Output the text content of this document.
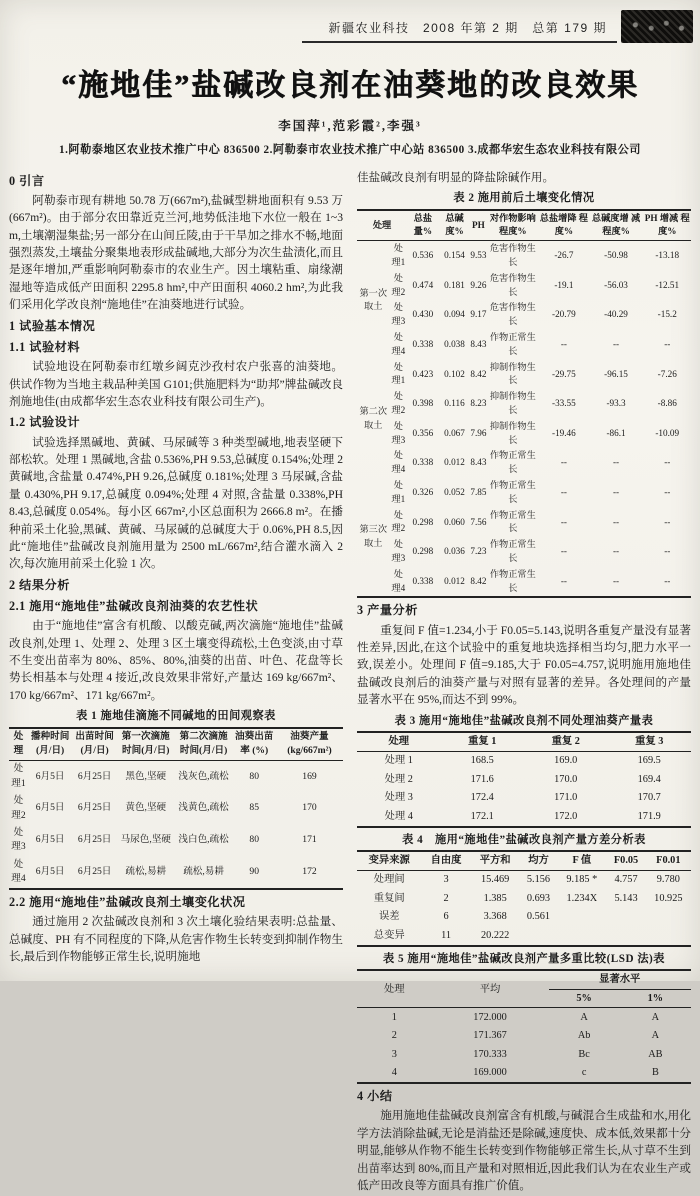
新疆农业科技　2008 年第 2 期　总第 179 期
“施地佳”盐碱改良剂在油葵地的改良效果
李国萍¹,范彩霞²,李强³
1.阿勒泰地区农业技术推广中心 836500 2.阿勒泰市农业技术推广中心站 836500 3.成都华宏生态农业科技有限公司
0 引言

阿勒泰市现有耕地 50.78 万(667m²),盐碱型耕地面积有 9.53 万(667m²)。由于部分农田靠近克兰河,地势低洼地下水位一般在 1~3 m,土壤潮湿集盐;另一部分在山间丘陵,由于干旱加之排水不畅,地面强烈蒸发,土壤盐分聚集地表形成盐碱地,大部分为次生盐渍化,而且是逐年增加,严重影响阿勒泰市的农业生产。因土壤粘重、扇缘潮湿地等造成低产田面积 2295.8 hm²,中产田面积 4060.2 hm²,为此我们采用化学改良剂“施地佳”在油葵地进行试验。

1 试验基本情况
1.1 试验材料

试验地设在阿勒泰市红墩乡阔克沙孜村农户张喜的油葵地。供试作物为当地主栽品种美国 G101;供施肥料为“助邦”牌盐碱改良剂施地佳(由成都华宏生态农业科技有限公司生产)。

1.2 试验设计

试验选择黑碱地、黄碱、马尿碱等 3 种类型碱地,地表坚硬下部松软。处理 1 黑碱地,含盐 0.536%,PH 9.53,总碱度 0.154%;处理 2 黄碱地,含盐量 0.474%,PH 9.26,总碱度 0.181%;处理 3 马尿碱,含盐量 0.430%,PH 9.17,总碱度 0.094%;处理 4 对照,含盐量 0.338%,PH 8.43,总碱度 0.054%。每小区 667m²,小区总面积为 2666.8 m²。在播种前采土化验,黑碱、黄碱、马尿碱的总碱度大于 0.06%,PH 8.5,因此“施地佳”盐碱改良剂施用量为 2500 mL/667m²,结合灌水滴入 2 次,每次施用前采土化验 1 次。

2 结果分析
2.1 施用“施地佳”盐碱改良剂油葵的农艺性状

由于“施地佳”富含有机酸、以酸克碱,两次滴施“施地佳”盐碱改良剂,处理 1、处理 2、处理 3 区土壤变得疏松,土色变淡,由寸草不生变出苗率为 80%、85%、80%,油葵的出苗、叶色、花盘等长势长相基本与处理 4 接近,改良效果非常好,产量达 169 kg/667m²、170 kg/667m²、171 kg/667m²。

表 1 施地佳滴施不同碱地的田间观察表
处理	播种时间 (月/日)	出苗时间 (月/日)	第一次滴施时间(月/日)	第二次滴施时间(月/日)	油葵出苗率 (%)	油葵产量 (kg/667m²)
处理1	6月5日	6月25日	黑色,坚硬	浅灰色,疏松	80	169
处理2	6月5日	6月25日	黄色,坚硬	浅黄色,疏松	85	170
处理3	6月5日	6月25日	马尿色,坚硬	浅白色,疏松	80	171
处理4	6月5日	6月25日	疏松,易耕	疏松,易耕	90	172
2.2 施用“施地佳”盐碱改良剂土壤变化状况

通过施用 2 次盐碱改良剂和 3 次土壤化验结果表明:总盐量、总碱度、PH 有不同程度的下降,从危害作物生长转变到抑制作物生长,最后到作物能够正常生长,说明施地

佳盐碱改良剂有明显的降盐除碱作用。

表 2 施用前后土壤变化情况
处理		总盐 量%	总碱 度%	PH	对作物影响 程度%	总盐增降 程度%	总碱度增 减程度%	PH 增减 程度%
第一次 取土	处理1	0.536	0.154	9.53	危害作物生长	-26.7	-50.98	-13.18
	处理2	0.474	0.181	9.26	危害作物生长	-19.1	-56.03	-12.51
	处理3	0.430	0.094	9.17	危害作物生长	-20.79	-40.29	-15.2
	处理4	0.338	0.038	8.43	作物正常生长	--	--	--
第二次 取土	处理1	0.423	0.102	8.42	抑制作物生长	-29.75	-96.15	-7.26
	处理2	0.398	0.116	8.23	抑制作物生长	-33.55	-93.3	-8.86
	处理3	0.356	0.067	7.96	抑制作物生长	-19.46	-86.1	-10.09
	处理4	0.338	0.012	8.43	作物正常生长	--	--	--
第三次 取土	处理1	0.326	0.052	7.85	作物正常生长	--	--	--
	处理2	0.298	0.060	7.56	作物正常生长	--	--	--
	处理3	0.298	0.036	7.23	作物正常生长	--	--	--
	处理4	0.338	0.012	8.42	作物正常生长	--	--	--
3 产量分析

重复间 F 值=1.234,小于 F0.05=5.143,说明各重复产量没有显著性差异,因此,在这个试验中的重复地块选择相当均匀,肥力水平一致,误差小。处理间 F 值=9.185,大于 F0.05=4.757,说明施用施地佳盐碱改良剂后的油葵产量与对照有显著的差异。各处理间的产量显著水平在 95%,而达不到 99%。

表 3 施用“施地佳”盐碱改良剂不同处理油葵产量表
处理	重复 1	重复 2	重复 3
处理 1	168.5	169.0	169.5
处理 2	171.6	170.0	169.4
处理 3	172.4	171.0	170.7
处理 4	172.1	172.0	171.9
表 4　施用“施地佳”盐碱改良剂产量方差分析表
变异来源	自由度	平方和	均方	F 值	F0.05	F0.01
处理间	3	15.469	5.156	9.185 *	4.757	9.780
重复间	2	1.385	0.693	1.234X	5.143	10.925
误差	6	3.368	0.561			
总变异	11	20.222				
表 5 施用“施地佳”盐碱改良剂产量多重比较(LSD 法)表
处理	平均	显著水平	
		5%	1%
1	172.000	A	A
2	171.367	Ab	A
3	170.333	Bc	AB
4	169.000	c	B
4 小结

施用施地佳盐碱改良剂富含有机酸,与碱混合生成盐和水,用化学方法消除盐碱,无论是消盐还是除碱,速度快、成本低,效果都十分明显,能够从作物不能生长转变到作物能够正常生长,从寸草不生到出苗率达到 80%,而且产量和对照相近,因此我们认为在农业生产或低产田改良等方面具有推广价值。
